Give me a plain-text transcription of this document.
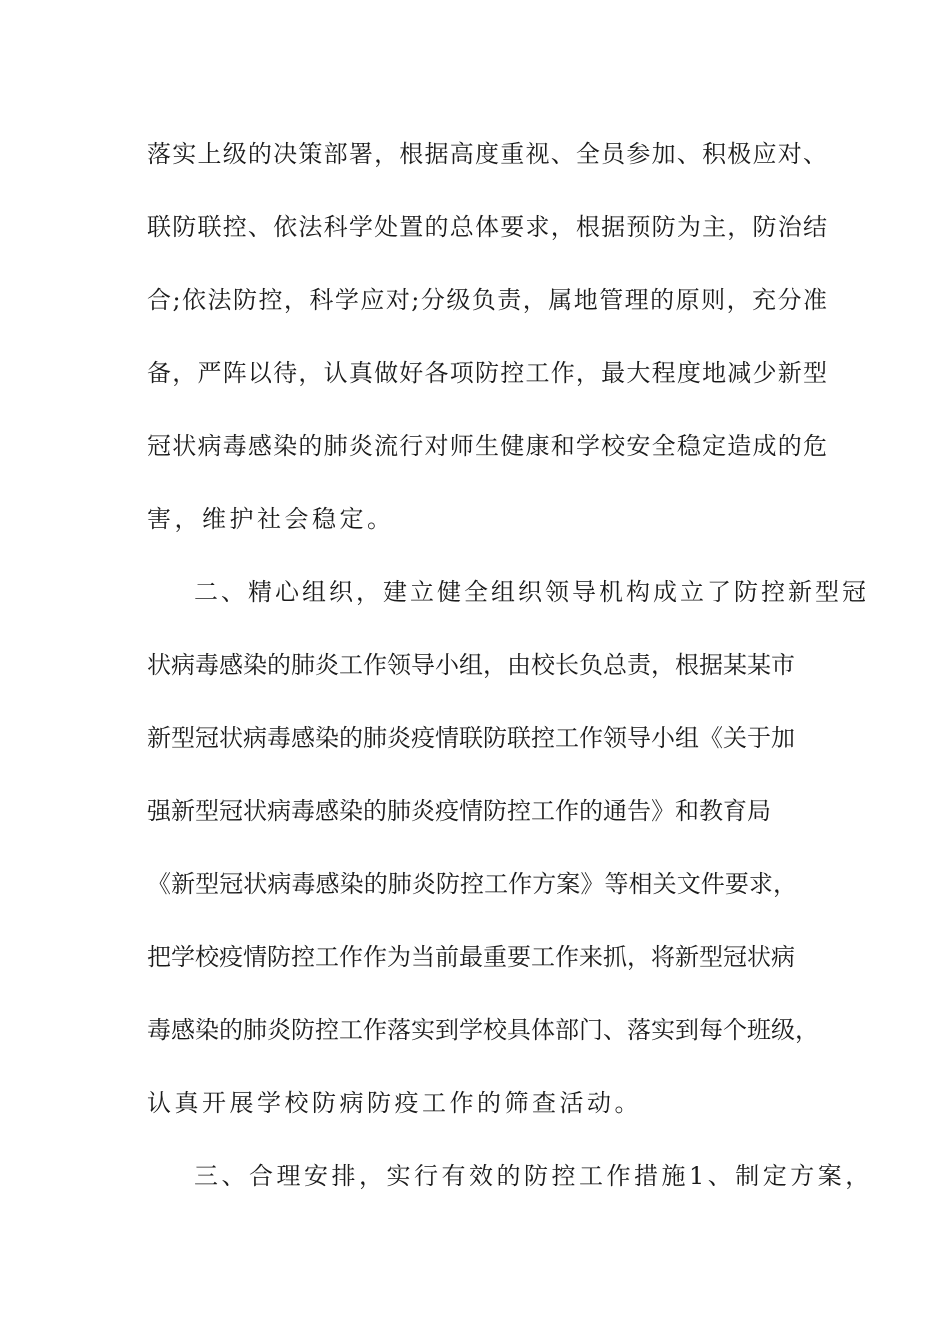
落实上级的决策部署，根据高度重视、全员参加、积极应对、
联防联控、依法科学处置的总体要求，根据预防为主，防治结
合;依法防控，科学应对;分级负责，属地管理的原则，充分准
备，严阵以待，认真做好各项防控工作，最大程度地减少新型
冠状病毒感染的肺炎流行对师生健康和学校安全稳定造成的危
害，维护社会稳定。
二、精心组织，建立健全组织领导机构成立了防控新型冠
状病毒感染的肺炎工作领导小组，由校长负总责，根据某某市
新型冠状病毒感染的肺炎疫情联防联控工作领导小组《关于加
强新型冠状病毒感染的肺炎疫情防控工作的通告》和教育局
《新型冠状病毒感染的肺炎防控工作方案》等相关文件要求，
把学校疫情防控工作作为当前最重要工作来抓，将新型冠状病
毒感染的肺炎防控工作落实到学校具体部门、落实到每个班级，
认真开展学校防病防疫工作的筛查活动。
三、合理安排，实行有效的防控工作措施1、制定方案，
